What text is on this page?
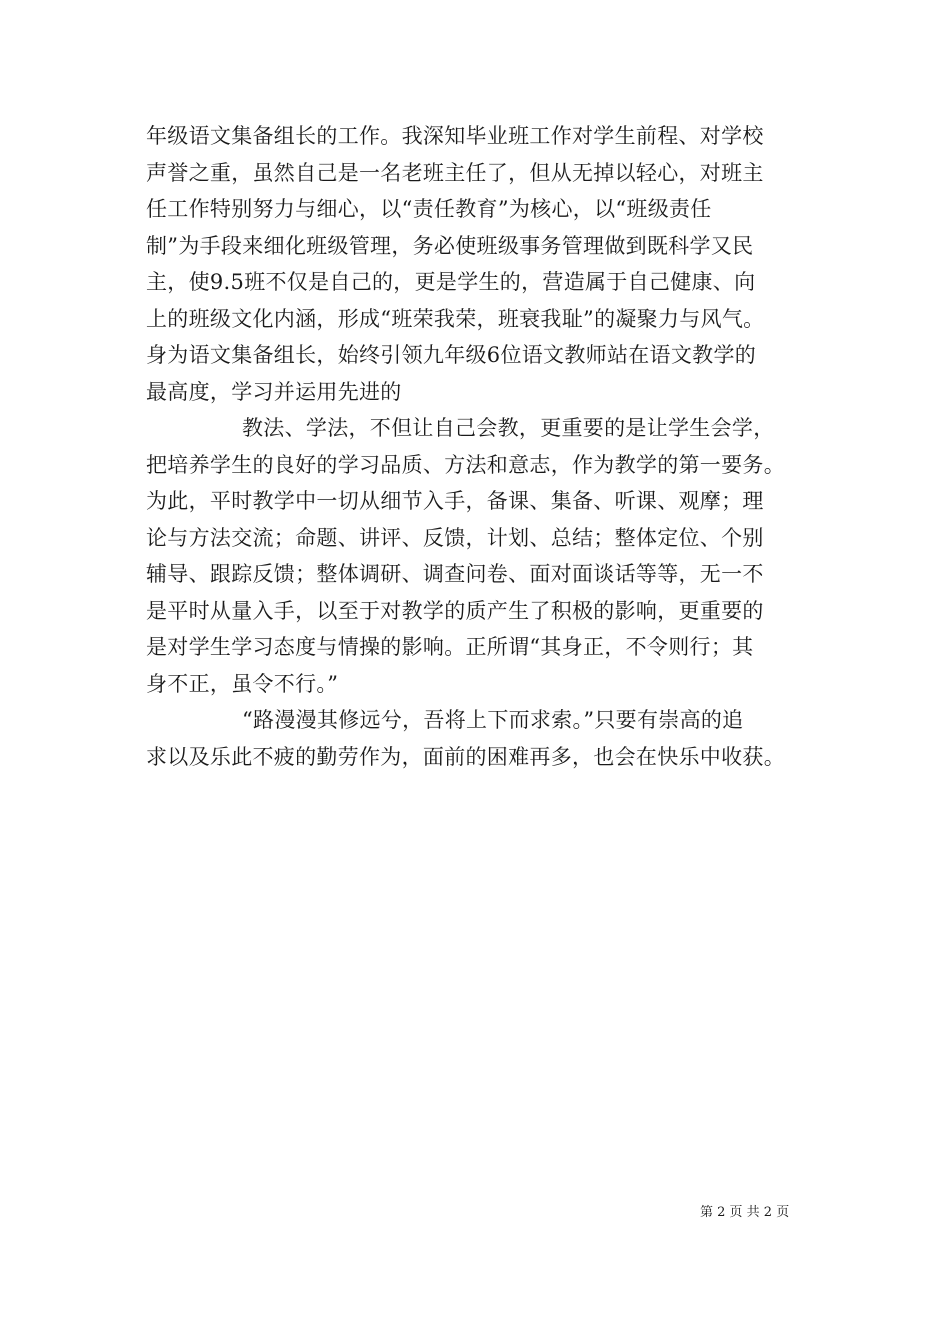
年级语文集备组长的工作。我深知毕业班工作对学生前程、对学校
声誉之重，虽然自己是一名老班主任了，但从无掉以轻心，对班主
任工作特别努力与细心，以“责任教育”为核心，以“班级责任
制”为手段来细化班级管理，务必使班级事务管理做到既科学又民
主，使9.5班不仅是自己的，更是学生的，营造属于自己健康、向
上的班级文化内涵，形成“班荣我荣，班衰我耻”的凝聚力与风气。
身为语文集备组长，始终引领九年级6位语文教师站在语文教学的
最高度，学习并运用先进的
教法、学法，不但让自己会教，更重要的是让学生会学，
把培养学生的良好的学习品质、方法和意志，作为教学的第一要务。
为此，平时教学中一切从细节入手，备课、集备、听课、观摩；理
论与方法交流；命题、讲评、反馈，计划、总结；整体定位、个别
辅导、跟踪反馈；整体调研、调查问卷、面对面谈话等等，无一不
是平时从量入手，以至于对教学的质产生了积极的影响，更重要的
是对学生学习态度与情操的影响。正所谓“其身正，不令则行；其
身不正，虽令不行。”
“路漫漫其修远兮，吾将上下而求索。”只要有崇高的追
求以及乐此不疲的勤劳作为，面前的困难再多，也会在快乐中收获。
第 2 页 共 2 页
